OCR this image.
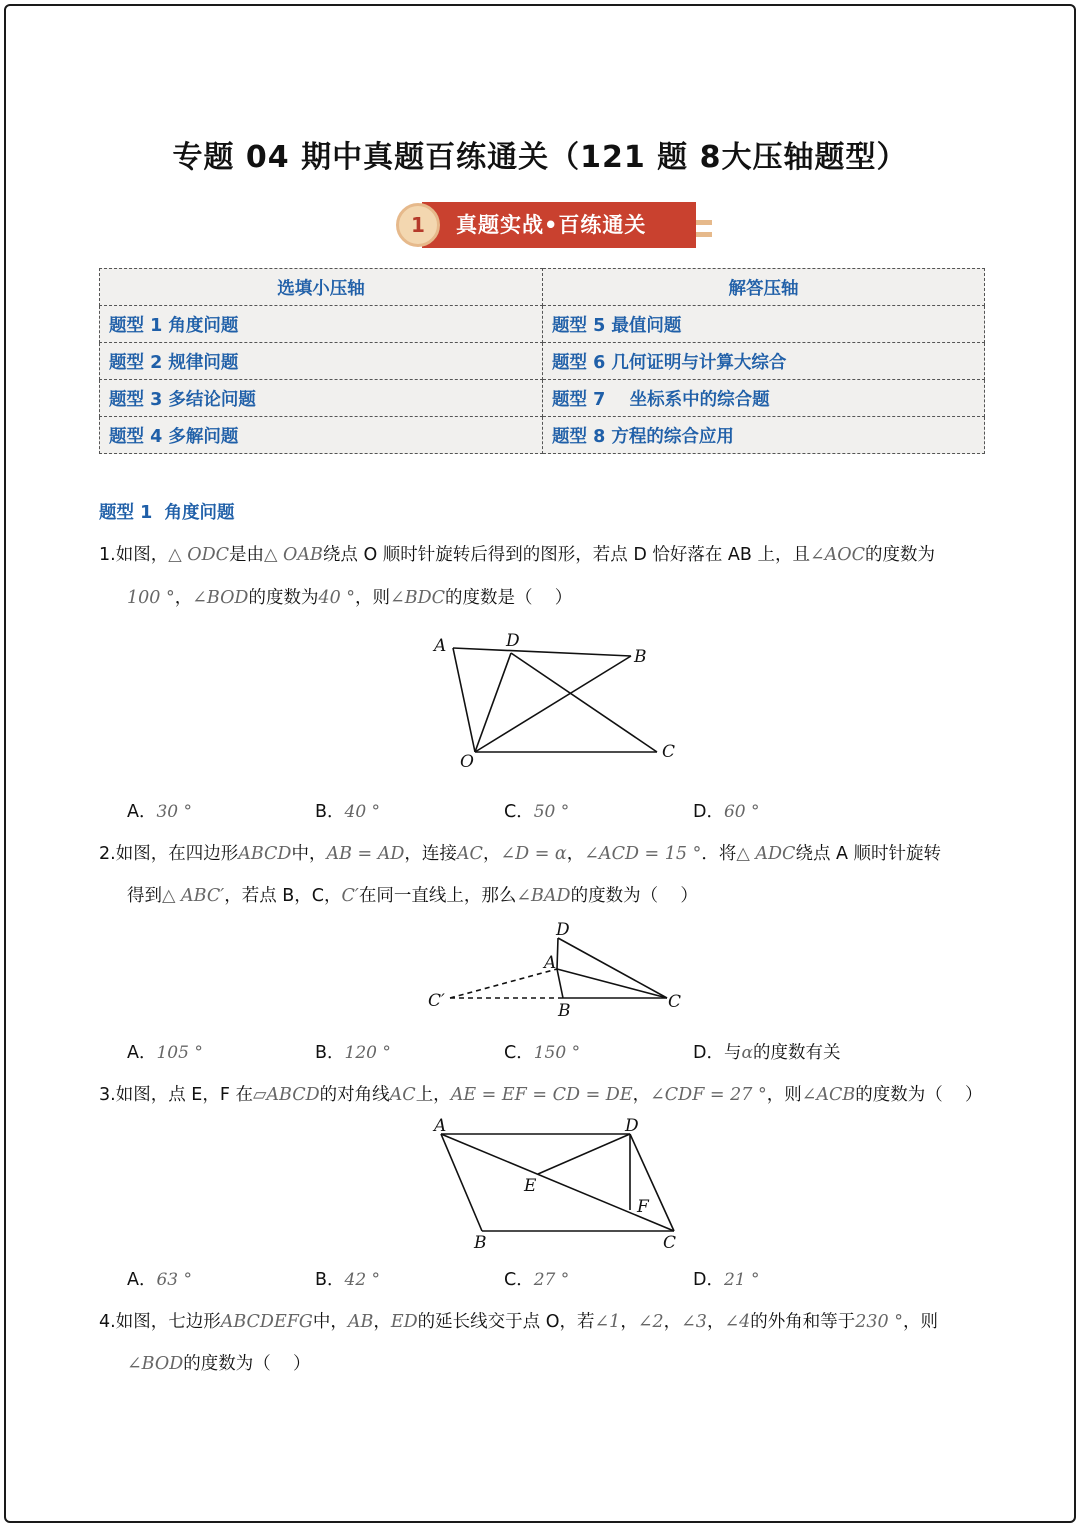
专题 04 期中真题百练通关（121 题 8大压轴题型）
真题实战•百练通关
1
选填小压轴	解答压轴
题型 1 角度问题	题型 5 最值问题
题型 2 规律问题	题型 6 几何证明与计算大综合
题型 3 多结论问题	题型 7    坐标系中的综合题
题型 4 多解问题	题型 8 方程的综合应用
题型 1  角度问题
1.如图，△ ODC是由△ OAB绕点 O 顺时针旋转后得到的图形，若点 D 恰好落在 AB 上，且∠AOC的度数为
100 °，∠BOD的度数为40 °，则∠BDC的度数是（    ）
A	D
B
O	C
A．30 °	B．40 °	C．50 °	D．60 °
2.如图，在四边形ABCD中，AB = AD，连接AC，∠D = α，∠ACD = 15 °．将△ ADC绕点 A 顺时针旋转
得到△ ABC′，若点 B，C，C′在同一直线上，那么∠BAD的度数为（    ）
D
A
C′	B	C
A．105 °	B．120 °	C．150 °	D．与α的度数有关
3.如图，点 E，F 在▱ABCD的对角线AC上，AE = EF = CD = DE，∠CDF = 27 °，则∠ACB的度数为（    ）
A	D
E
F
B	C
A．63 °	B．42 °	C．27 °	D．21 °
4.如图，七边形ABCDEFG中，AB，ED的延长线交于点 O，若∠1，∠2，∠3，∠4的外角和等于230 °，则
∠BOD的度数为（    ）
